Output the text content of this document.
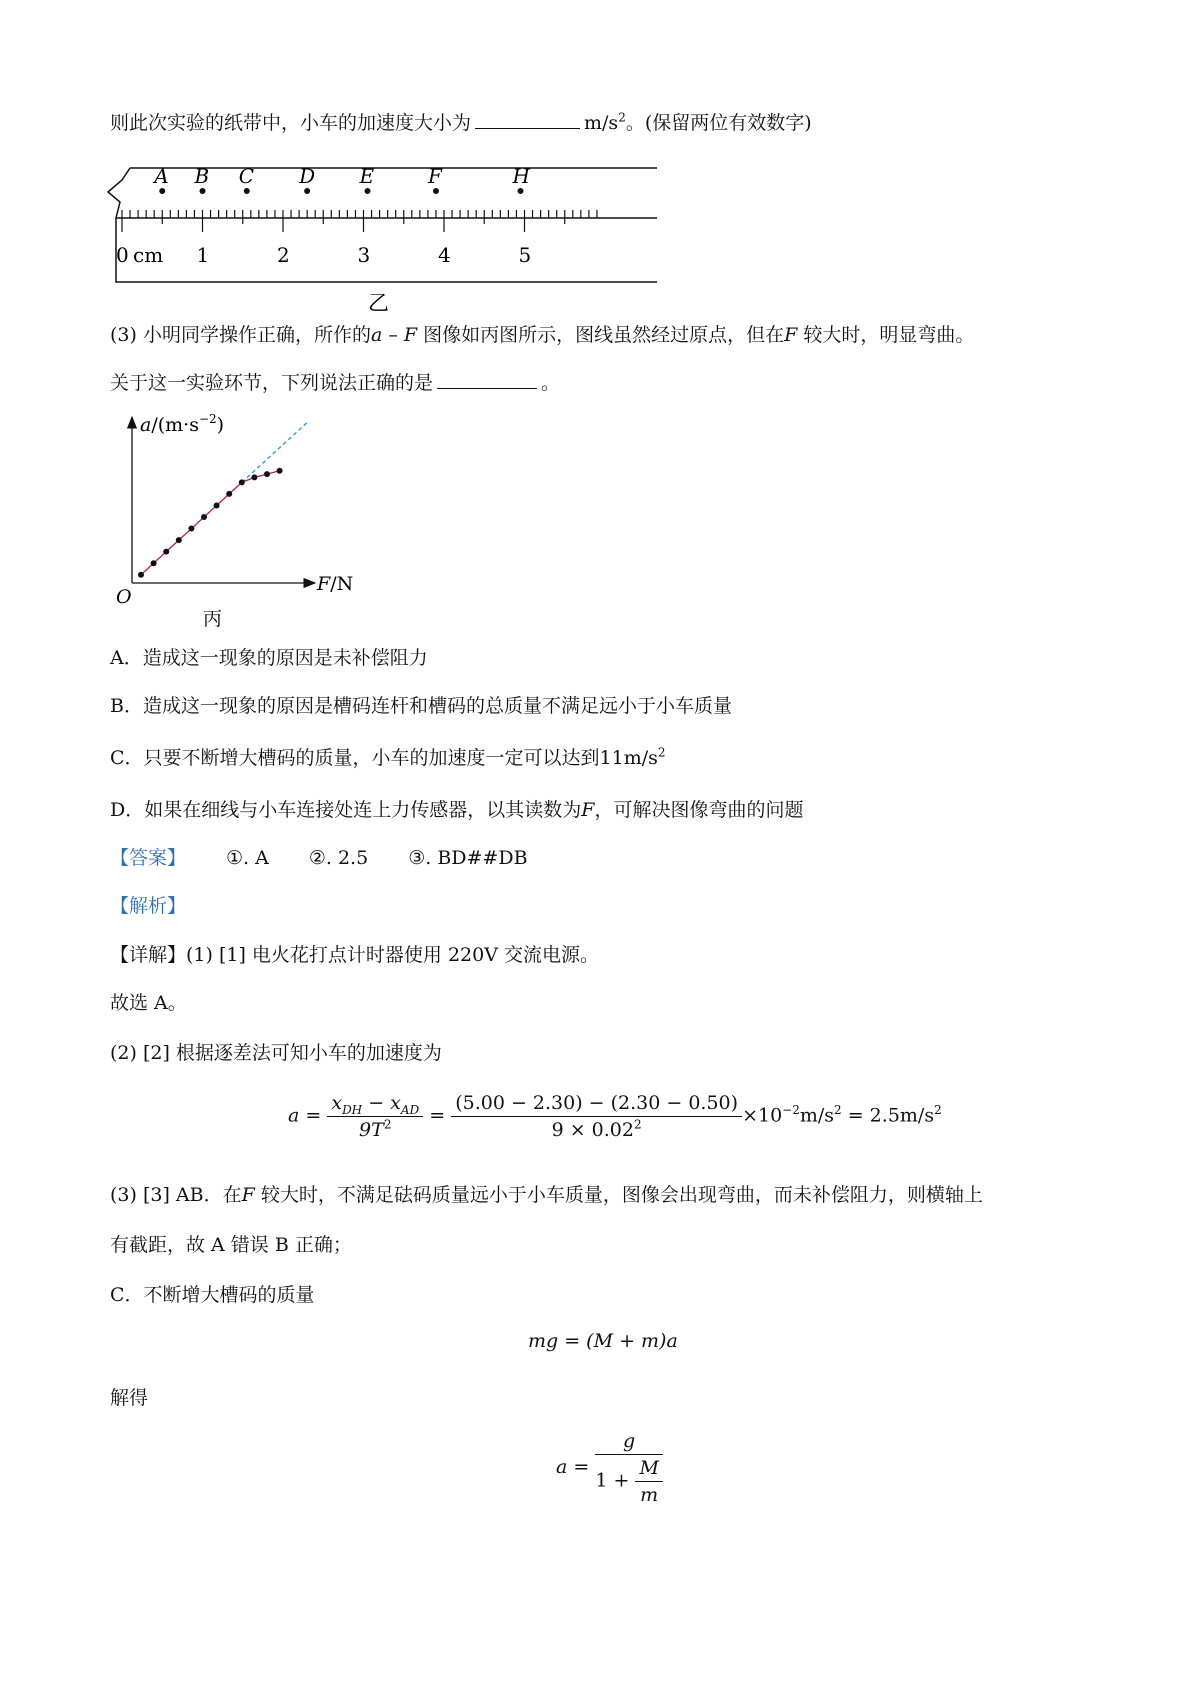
则此次实验的纸带中，小车的加速度大小为	$m/s^2$。(保留两位有效数字)
A B C D E	F	H
0	1	2	3	4	5
cm
乙
(3) 小明同学操作正确，所作的a – F 图像如丙图所示，图线虽然经过原点，但在F 较大时，明显弯曲。
关于这一实验环节，下列说法正确的是	。
$a/(m\cdot s^{-2})$
F/N
O
丙
A．造成这一现象的原因是未补偿阻力
B．造成这一现象的原因是槽码连杆和槽码的总质量不满足远小于小车质量
C．只要不断增大槽码的质量，小车的加速度一定可以达到$11m/s^2$
D．如果在细线与小车连接处连上力传感器，以其读数为F，可解决图像弯曲的问题
【答案】 ①. A ②. 2.5 ③. BD##DB
【解析】
【详解】(1) [1] 电火花打点计时器使用 220V 交流电源。
故选 A。
(2) [2] 根据逐差法可知小车的加速度为
$a = \frac{x_{DH} - x_{AD}}{9T^2} = \frac{(5.00 - 2.30) - (2.30 - 0.50)}{9 \times 0.02^2} \times 10^{-2}m/s^2 = 2.5m/s^2$
(3) [3] AB．在F 较大时，不满足砝码质量远小于小车质量，图像会出现弯曲，而未补偿阻力，则横轴上
有截距，故 A 错误 B 正确；
C．不断增大槽码的质量
mg = (M + m)a
解得
$a = \frac{g}{1 + \frac{M}{m}}$
